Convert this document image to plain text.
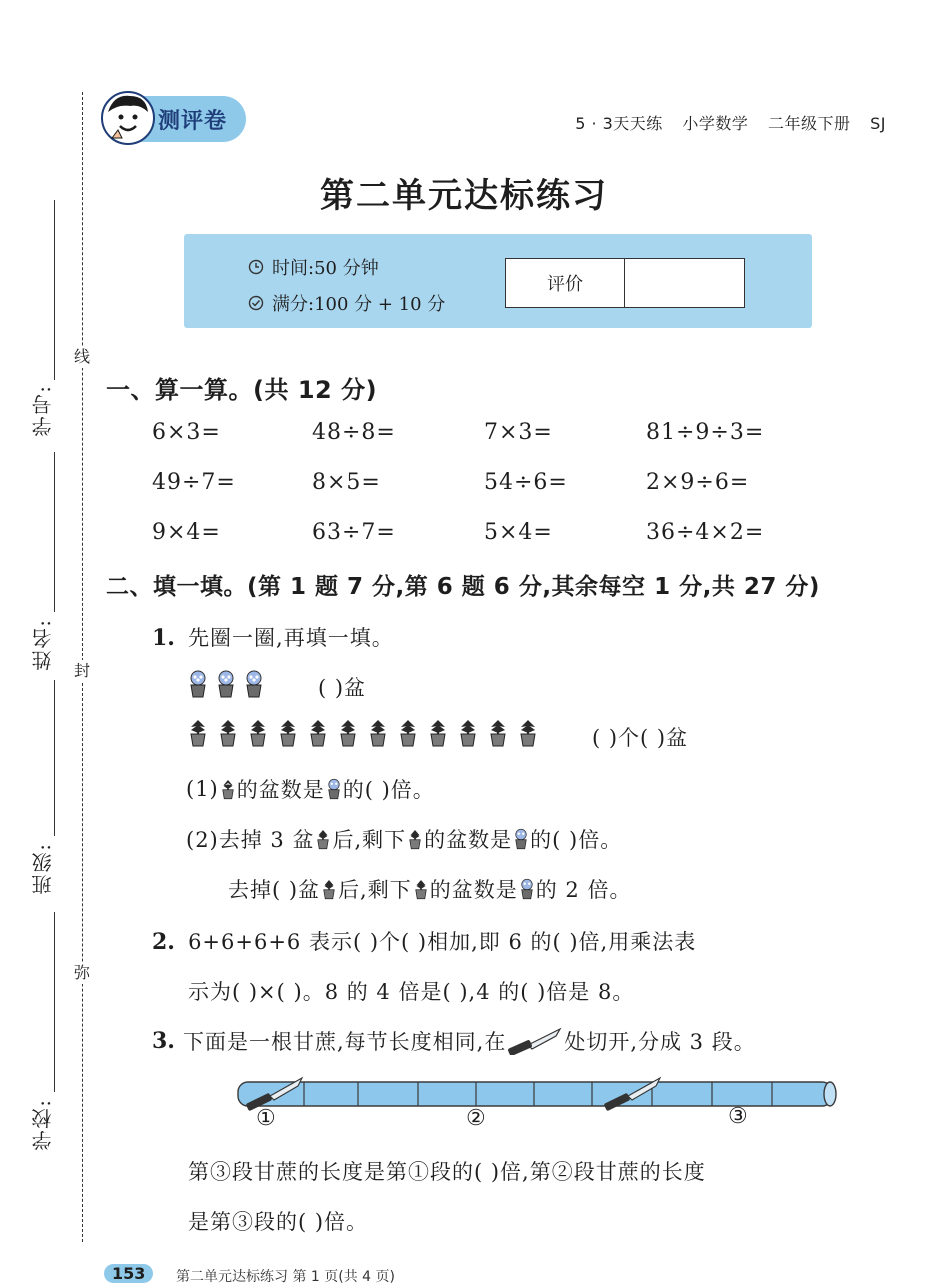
线
封
弥
学号:
姓名:
班级:
学校:
测评卷	5 · 3天天练 小学数学 二年级下册 SJ
第二单元达标练习
时间:50 分钟
满分:100 分 + 10 分
评价
一、算一算。(共 12 分)
6×3=	48÷8=	7×3=	81÷9÷3=
49÷7=	8×5=	54÷6=	2×9÷6=
9×4=	63÷7=	5×4=	36÷4×2=
二、填一填。(第 1 题 7 分,第 6 题 6 分,其余每空 1 分,共 27 分)
1. 先圈一圈,再填一填。
( )盆
( )个( )盆
(1) 的盆数是 的( )倍。
(2)去掉 3 盆 后,剩下 的盆数是 的( )倍。
去掉( )盆 后,剩下 的盆数是 的 2 倍。
2. 6+6+6+6 表示( )个( )相加,即 6 的( )倍,用乘法表
示为( )×( )。8 的 4 倍是( ),4 的( )倍是 8。
3. 下面是一根甘蔗,每节长度相同,在	处切开,分成 3 段。
①	②	③
第③段甘蔗的长度是第①段的( )倍,第②段甘蔗的长度
是第③段的( )倍。
153	第二单元达标练习 第 1 页(共 4 页)
